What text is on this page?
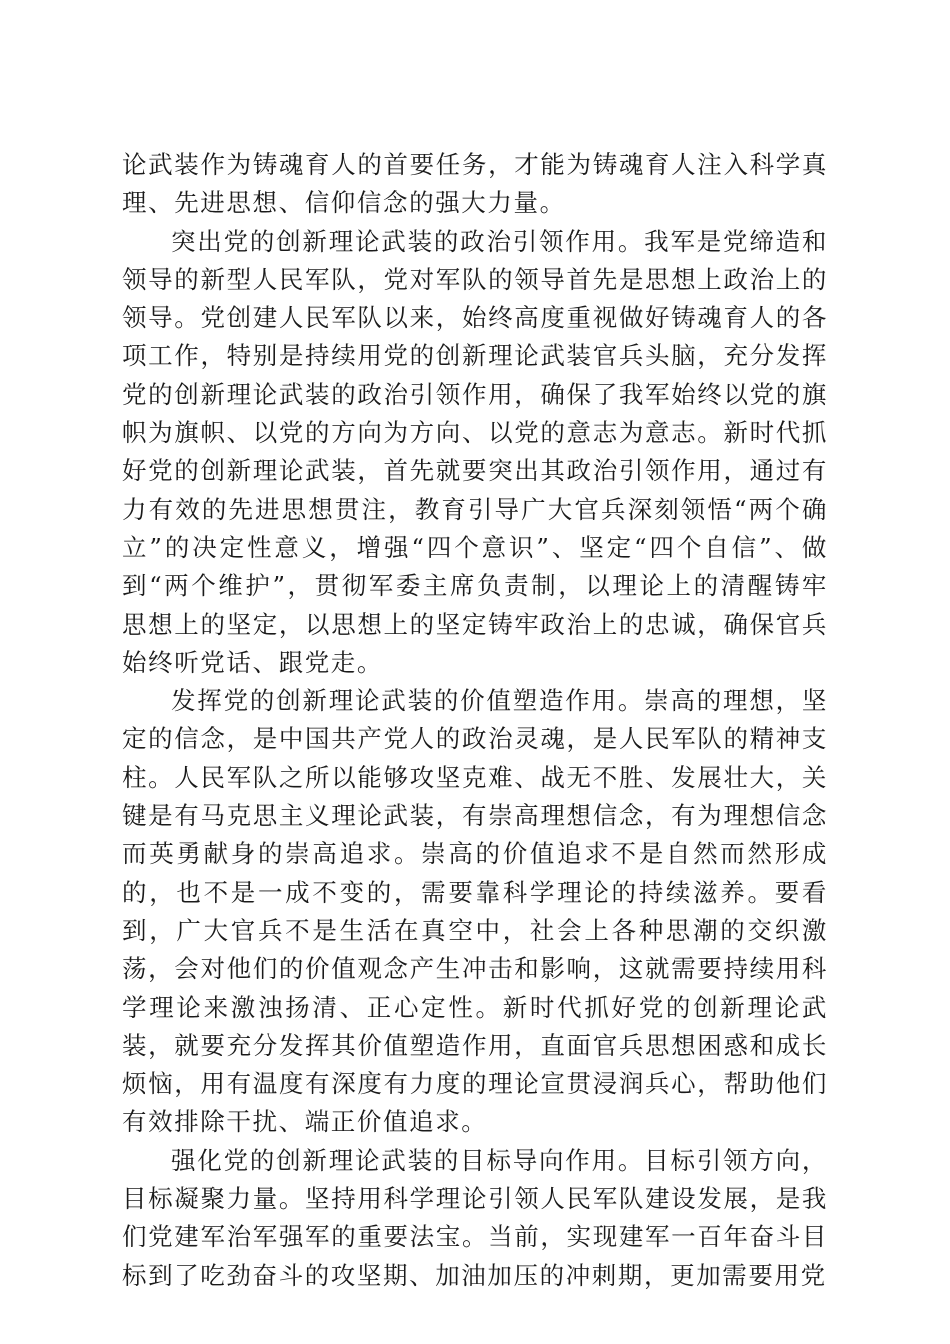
论武装作为铸魂育人的首要任务，才能为铸魂育人注入科学真理、先进思想、信仰信念的强大力量。

突出党的创新理论武装的政治引领作用。我军是党缔造和领导的新型人民军队，党对军队的领导首先是思想上政治上的领导。党创建人民军队以来，始终高度重视做好铸魂育人的各项工作，特别是持续用党的创新理论武装官兵头脑，充分发挥党的创新理论武装的政治引领作用，确保了我军始终以党的旗帜为旗帜、以党的方向为方向、以党的意志为意志。新时代抓好党的创新理论武装，首先就要突出其政治引领作用，通过有力有效的先进思想贯注，教育引导广大官兵深刻领悟“两个确立”的决定性意义，增强“四个意识”、坚定“四个自信”、做到“两个维护”，贯彻军委主席负责制，以理论上的清醒铸牢思想上的坚定，以思想上的坚定铸牢政治上的忠诚，确保官兵始终听党话、跟党走。

发挥党的创新理论武装的价值塑造作用。崇高的理想，坚定的信念，是中国共产党人的政治灵魂，是人民军队的精神支柱。人民军队之所以能够攻坚克难、战无不胜、发展壮大，关键是有马克思主义理论武装，有崇高理想信念，有为理想信念而英勇献身的崇高追求。崇高的价值追求不是自然而然形成的，也不是一成不变的，需要靠科学理论的持续滋养。要看到，广大官兵不是生活在真空中，社会上各种思潮的交织激荡，会对他们的价值观念产生冲击和影响，这就需要持续用科学理论来激浊扬清、正心定性。新时代抓好党的创新理论武装，就要充分发挥其价值塑造作用，直面官兵思想困惑和成长烦恼，用有温度有深度有力度的理论宣贯浸润兵心，帮助他们有效排除干扰、端正价值追求。

强化党的创新理论武装的目标导向作用。目标引领方向，目标凝聚力量。坚持用科学理论引领人民军队建设发展，是我们党建军治军强军的重要法宝。当前，实现建军一百年奋斗目标到了吃劲奋斗的攻坚期、加油加压的冲刺期，更加需要用党
